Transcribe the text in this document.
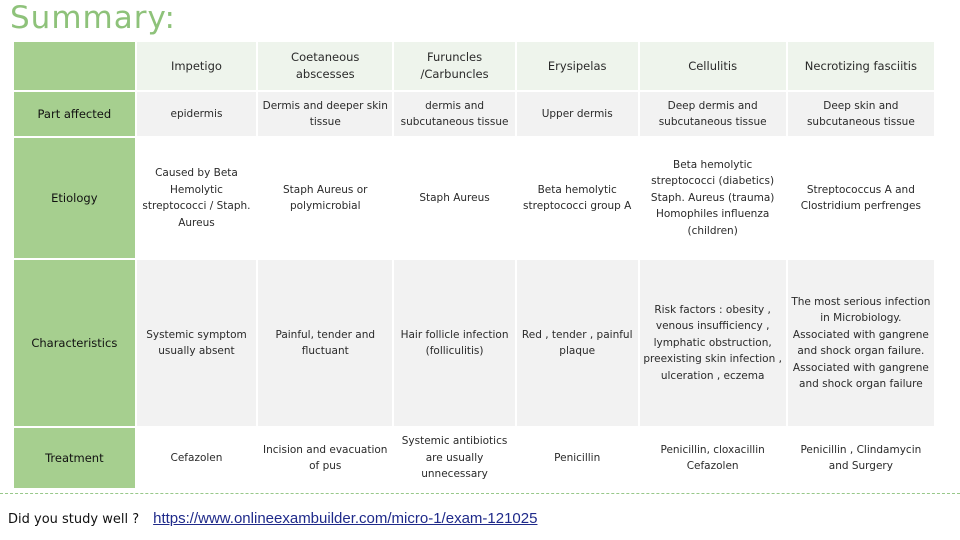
Summary:
	Impetigo	Coetaneous abscesses	Furuncles /Carbuncles	Erysipelas	Cellulitis	Necrotizing fasciitis
Part affected	epidermis	Dermis and deeper skin tissue	dermis and subcutaneous tissue	Upper dermis	Deep dermis and subcutaneous tissue	Deep skin and subcutaneous tissue
Etiology	Caused by Beta Hemolytic streptococci / Staph. Aureus	Staph Aureus or polymicrobial	Staph Aureus	Beta hemolytic streptococci group A	Beta hemolytic streptococci (diabetics) Staph. Aureus (trauma) Homophiles influenza (children)	Streptococcus A and Clostridium perfrenges
Characteristics	Systemic symptom usually absent	Painful, tender and fluctuant	Hair follicle infection (folliculitis)	Red , tender , painful plaque	Risk factors : obesity , venous insufficiency , lymphatic obstruction, preexisting skin infection , ulceration , eczema	The most serious infection in Microbiology. Associated with gangrene and shock organ failure. Associated with gangrene and shock organ failure
Treatment	Cefazolen	Incision and evacuation of pus	Systemic antibiotics are usually unnecessary	Penicillin	Penicillin, cloxacillin Cefazolen	Penicillin , Clindamycin and Surgery
Did you study well ? https://www.onlineexambuilder.com/micro-1/exam-121025
